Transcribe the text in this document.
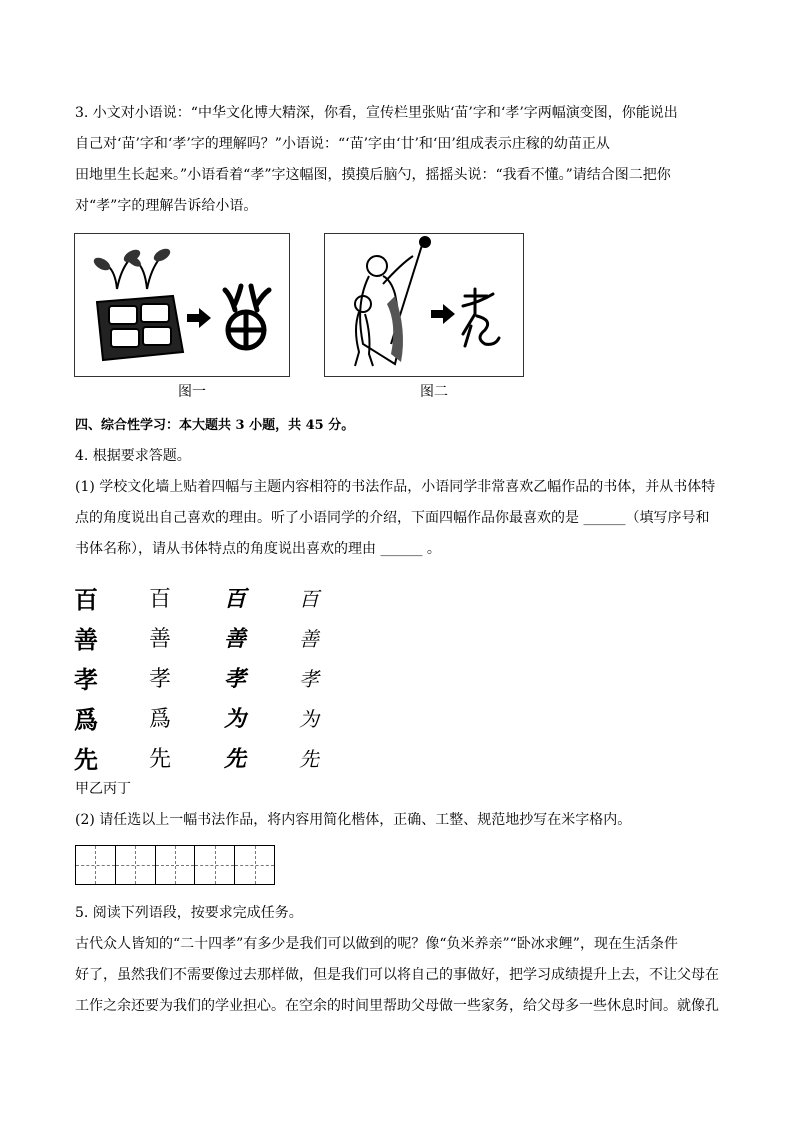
3. 小文对小语说：“中华文化博大精深，你看，宣传栏里张贴‘苗’字和‘孝’字两幅演变图，你能说出
自己对‘苗’字和‘孝’字的理解吗？”小语说：“‘苗’字由‘廿’和‘田’组成表示庄稼的幼苗正从
田地里生长起来。”小语看着“孝”字这幅图，摸摸后脑勺，摇摇头说：“我看不懂。”请结合图二把你
对“孝”字的理解告诉给小语。
图一	图二
四、综合性学习：本大题共 3 小题，共 45 分。
4. 根据要求答题。
(1) 学校文化墙上贴着四幅与主题内容相符的书法作品，小语同学非常喜欢乙幅作品的书体，并从书体特
点的角度说出自己喜欢的理由。听了小语同学的介绍，下面四幅作品你最喜欢的是 ______（填写序号和
书体名称），请从书体特点的角度说出喜欢的理由 ______ 。
百	百	百	百
善	善	善	善
孝	孝	孝	孝
爲	爲	为	为
先	先	先	先
甲乙丙丁
(2) 请任选以上一幅书法作品，将内容用简化楷体，正确、工整、规范地抄写在米字格内。
5. 阅读下列语段，按要求完成任务。
古代众人皆知的“二十四孝”有多少是我们可以做到的呢？像“负米养亲”“卧冰求鲤”，现在生活条件
好了，虽然我们不需要像过去那样做，但是我们可以将自己的事做好，把学习成绩提升上去，不让父母在
工作之余还要为我们的学业担心。在空余的时间里帮助父母做一些家务，给父母多一些休息时间。就像孔
